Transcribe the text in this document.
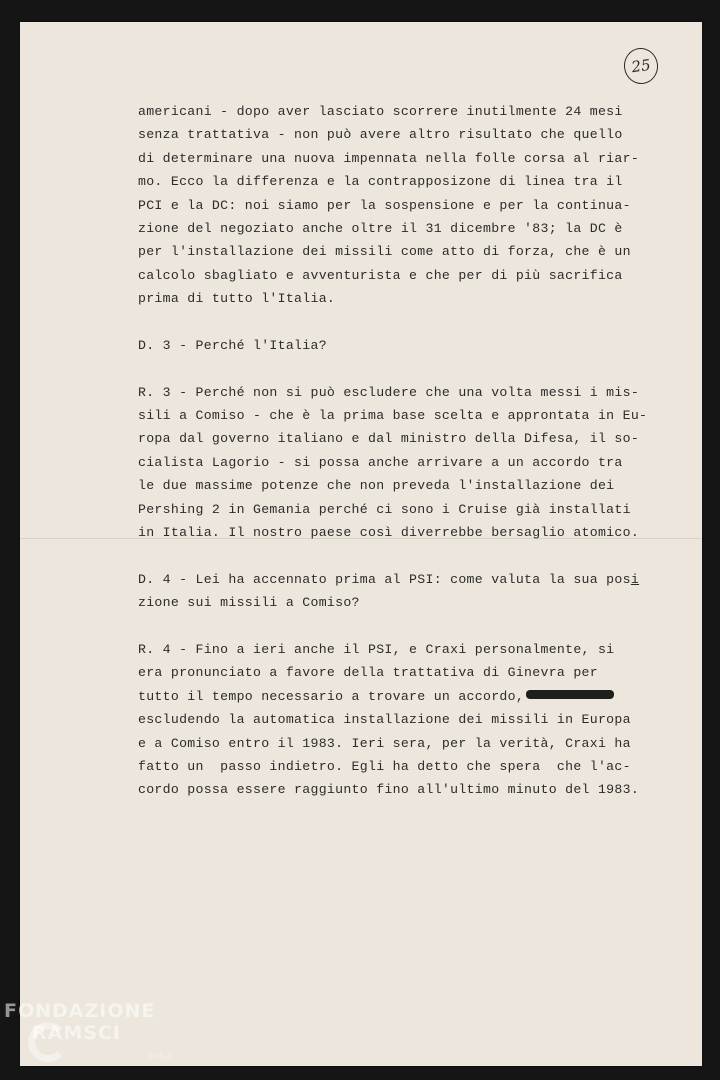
25
americani - dopo aver lasciato scorrere inutilmente 24 mesi
senza trattativa - non può avere altro risultato che quello
di determinare una nuova impennata nella folle corsa al riar-
mo. Ecco la differenza e la contrapposizone di linea tra il
PCI e la DC: noi siamo per la sospensione e per la continua-
zione del negoziato anche oltre il 31 dicembre '83; la DC è
per l'installazione dei missili come atto di forza, che è un
calcolo sbagliato e avventurista e che per di più sacrifica
prima di tutto l'Italia.
D. 3 - Perché l'Italia?
R. 3 - Perché non si può escludere che una volta messi i mis-
sili a Comiso - che è la prima base scelta e approntata in Eu-
ropa dal governo italiano e dal ministro della Difesa, il so-
cialista Lagorio - si possa anche arrivare a un accordo tra
le due massime potenze che non preveda l'installazione dei
Pershing 2 in Gemania perché ci sono i Cruise già installati
in Italia. Il nostro paese così diverrebbe bersaglio atomico.
D. 4 - Lei ha accennato prima al PSI: come valuta la sua posi
zione sui missili a Comiso?
R. 4 - Fino a ieri anche il PSI, e Craxi personalmente, si
era pronunciato a favore della trattativa di Ginevra per
tutto il tempo necessario a trovare un accordo,
escludendo la automatica installazione dei missili in Europa
e a Comiso entro il 1983. Ieri sera, per la verità, Craxi ha
fatto un  passo indietro. Egli ha detto che spera  che l'ac-
cordo possa essere raggiunto fino all'ultimo minuto del 1983.
FONDAZIONE
RAMSCI
onlus
